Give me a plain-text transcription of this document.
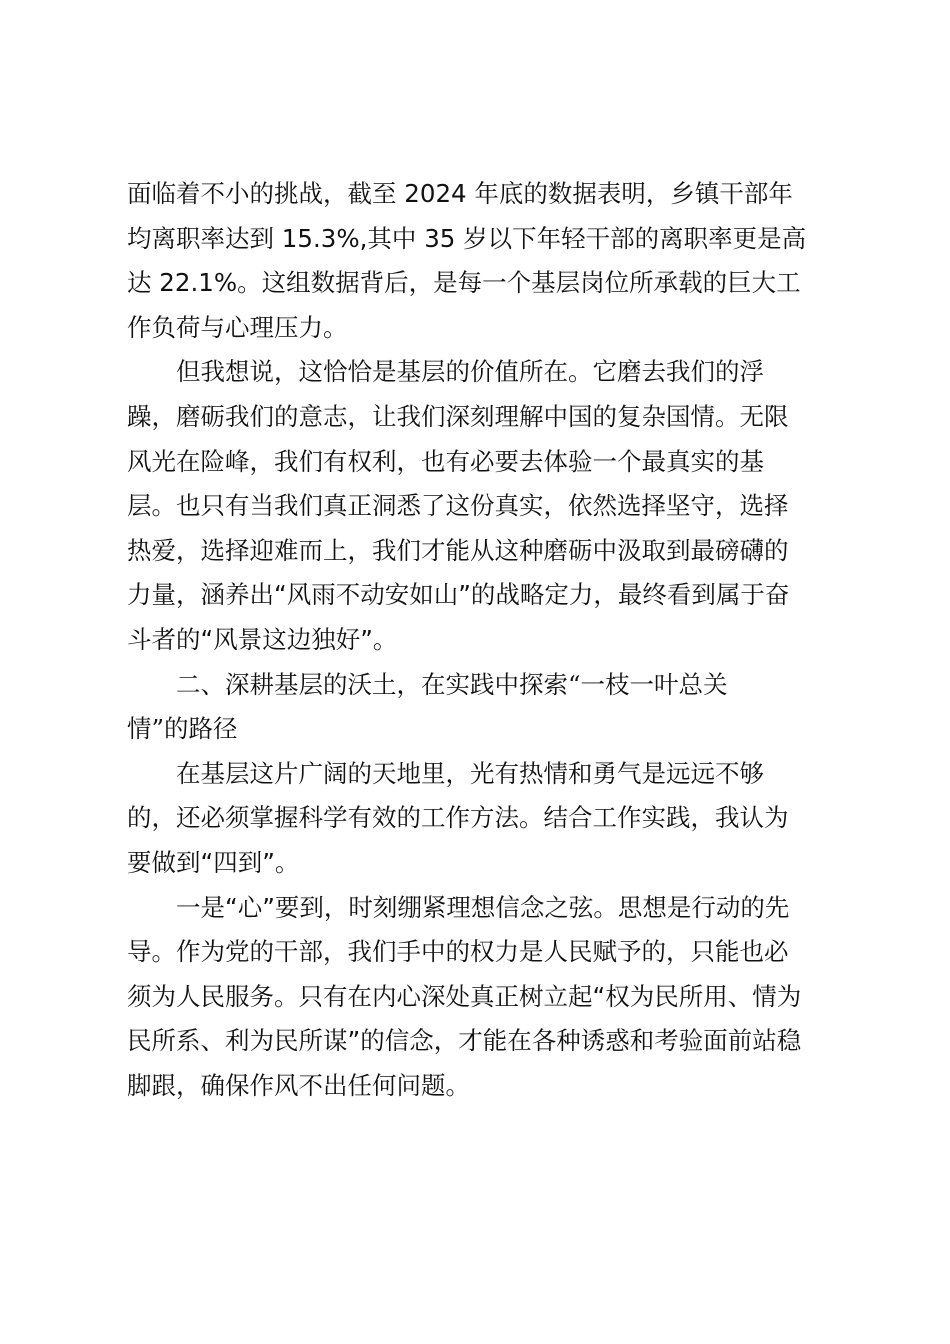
面临着不小的挑战，截至 2024 年底的数据表明，乡镇干部年
均离职率达到 15.3%,其中 35 岁以下年轻干部的离职率更是高
达 22.1%。这组数据背后，是每一个基层岗位所承载的巨大工
作负荷与心理压力。

但我想说，这恰恰是基层的价值所在。它磨去我们的浮
躁，磨砺我们的意志，让我们深刻理解中国的复杂国情。无限
风光在险峰，我们有权利，也有必要去体验一个最真实的基
层。也只有当我们真正洞悉了这份真实，依然选择坚守，选择
热爱，选择迎难而上，我们才能从这种磨砺中汲取到最磅礴的
力量，涵养出“风雨不动安如山”的战略定力，最终看到属于奋
斗者的“风景这边独好”。

二、深耕基层的沃土，在实践中探索“一枝一叶总关
情”的路径

在基层这片广阔的天地里，光有热情和勇气是远远不够
的，还必须掌握科学有效的工作方法。结合工作实践，我认为
要做到“四到”。

一是“心”要到，时刻绷紧理想信念之弦。思想是行动的先
导。作为党的干部，我们手中的权力是人民赋予的，只能也必
须为人民服务。只有在内心深处真正树立起“权为民所用、情为
民所系、利为民所谋”的信念，才能在各种诱惑和考验面前站稳
脚跟，确保作风不出任何问题。
